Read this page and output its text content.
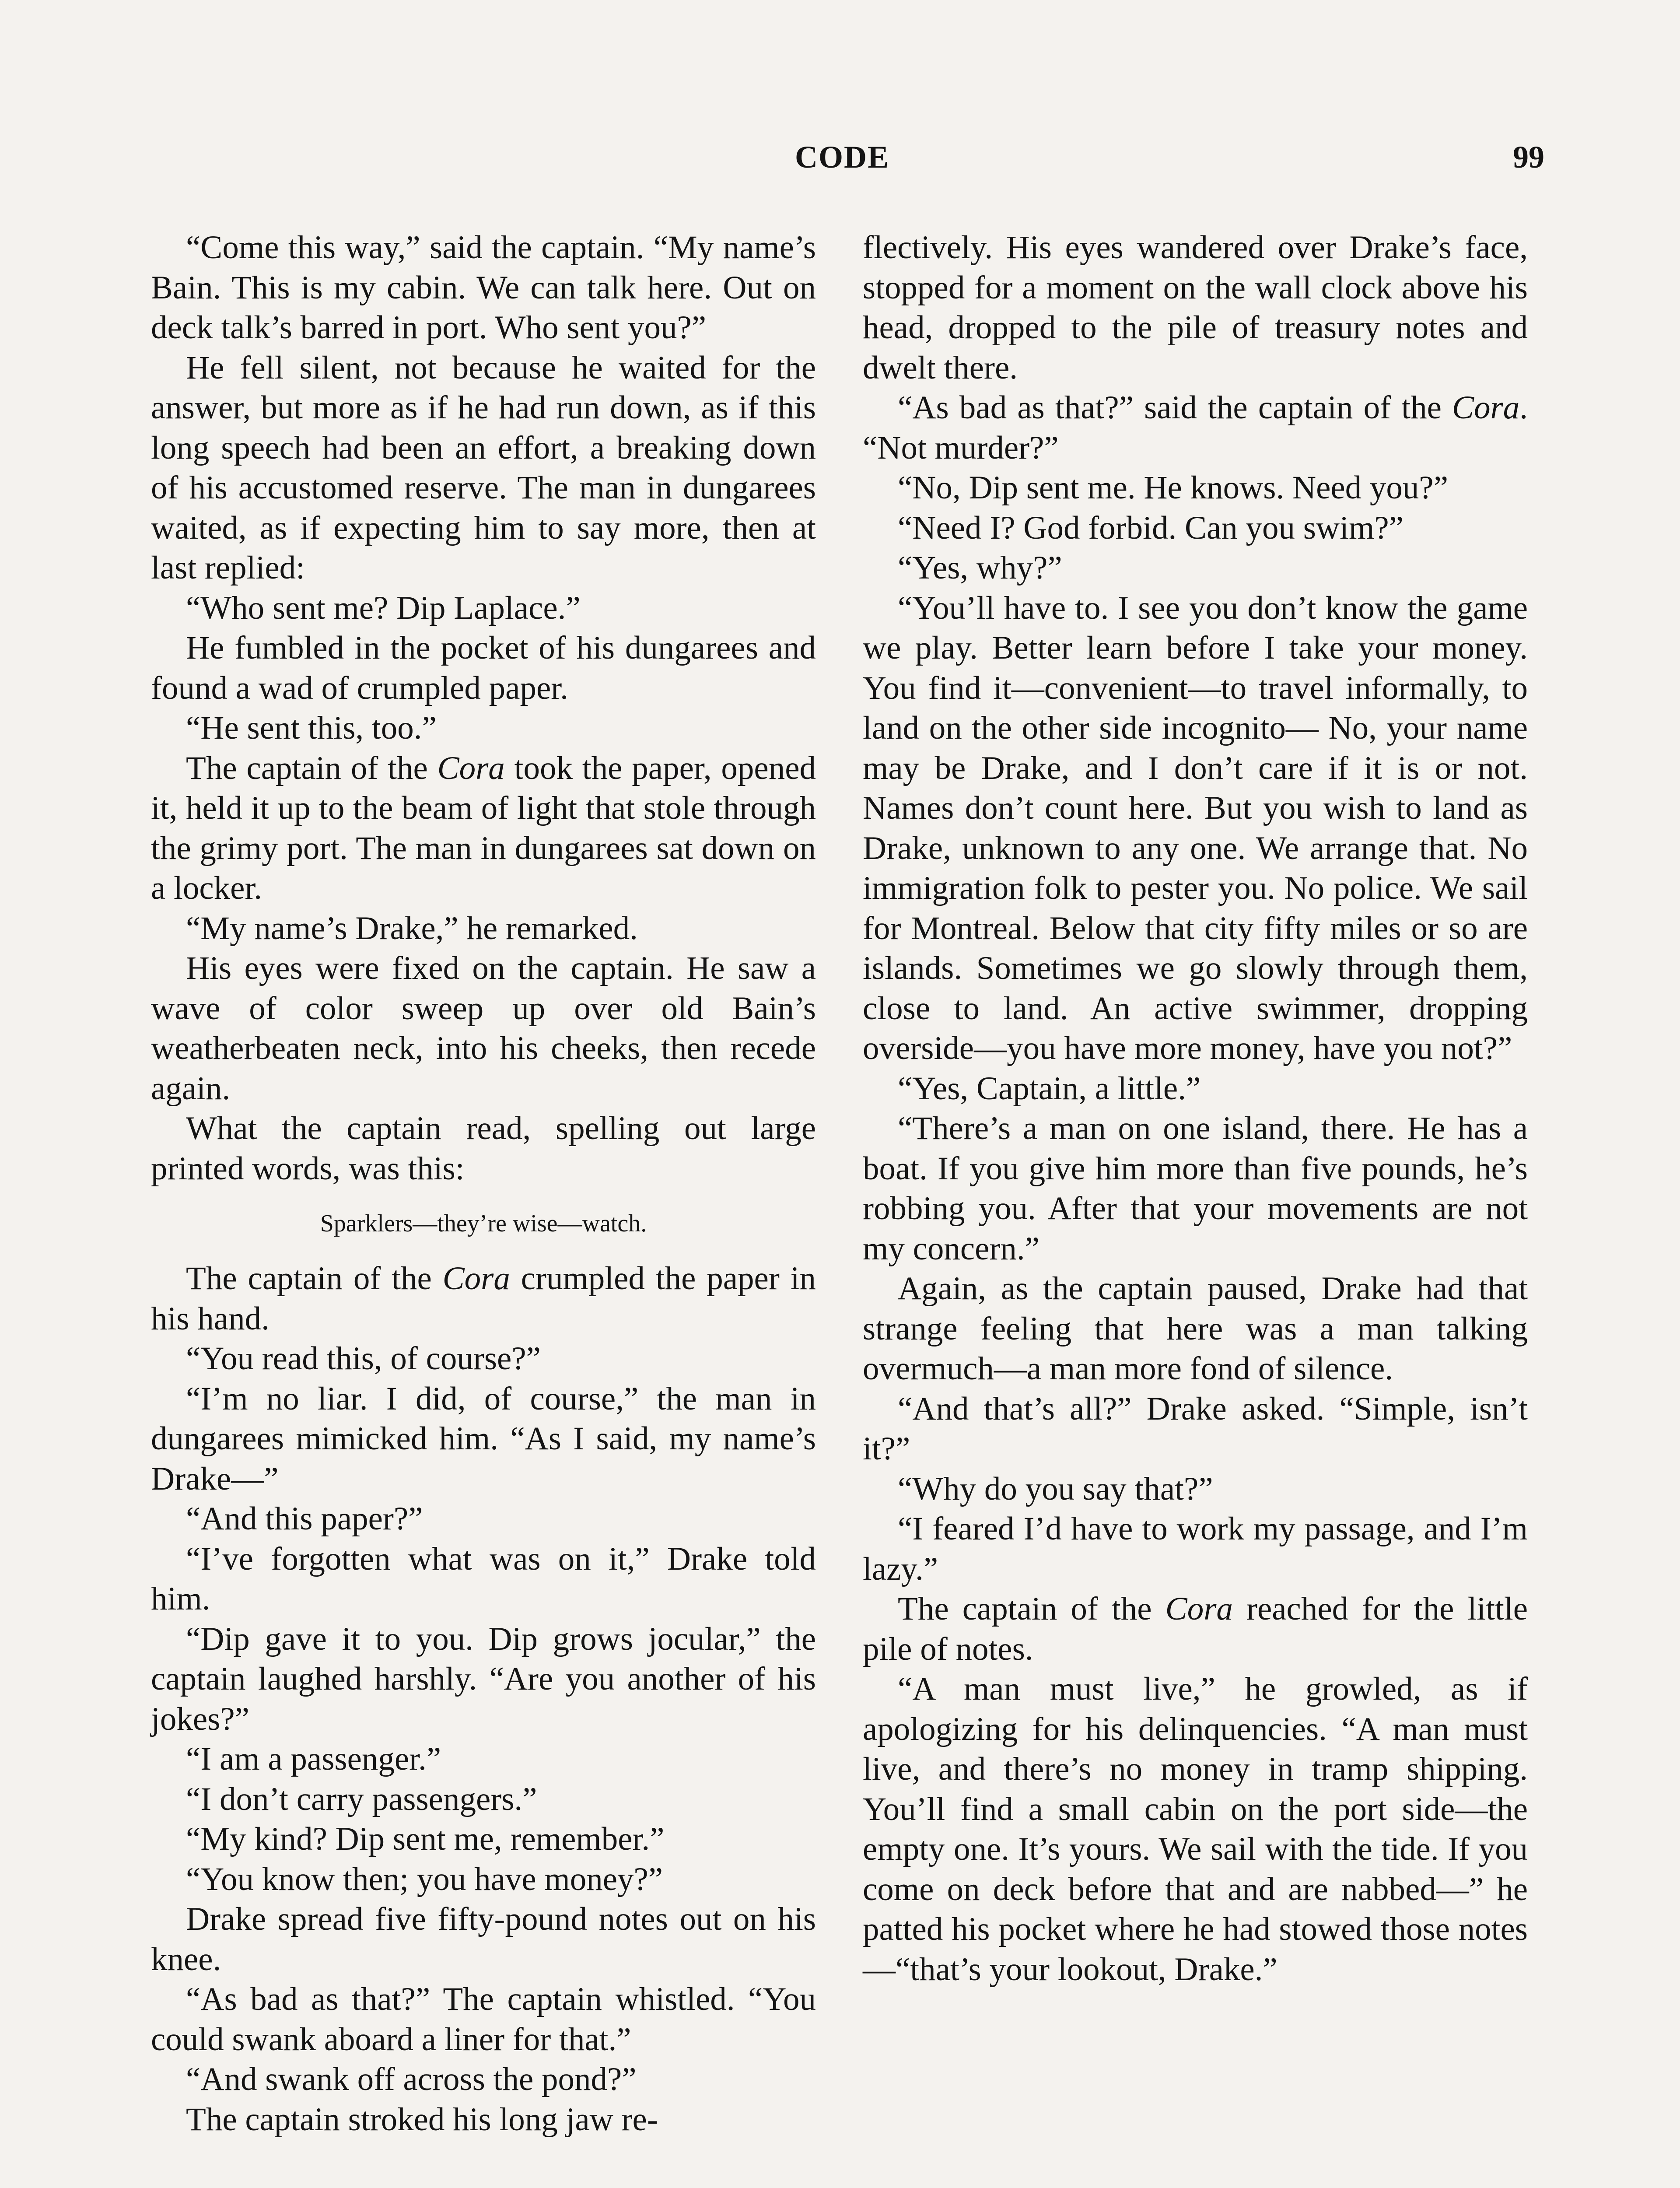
CODE	99

“Come this way,” said the captain. “My name’s Bain. This is my cabin. We can talk here. Out on deck talk’s barred in port. Who sent you?”

He fell silent, not because he waited for the answer, but more as if he had run down, as if this long speech had been an effort, a breaking down of his accustomed reserve. The man in dungarees waited, as if expecting him to say more, then at last replied:

“Who sent me? Dip Laplace.”

He fumbled in the pocket of his dungarees and found a wad of crumpled paper.

“He sent this, too.”

The captain of the Cora took the paper, opened it, held it up to the beam of light that stole through the grimy port. The man in dungarees sat down on a locker.

“My name’s Drake,” he remarked.

His eyes were fixed on the captain. He saw a wave of color sweep up over old Bain’s weatherbeaten neck, into his cheeks, then recede again.

What the captain read, spelling out large printed words, was this:

Sparklers—they’re wise—watch.

The captain of the Cora crumpled the paper in his hand.

“You read this, of course?”

“I’m no liar. I did, of course,” the man in dungarees mimicked him. “As I said, my name’s Drake—”

“And this paper?”

“I’ve forgotten what was on it,” Drake told him.

“Dip gave it to you. Dip grows jocular,” the captain laughed harshly. “Are you another of his jokes?”

“I am a passenger.”

“I don’t carry passengers.”

“My kind? Dip sent me, remember.”

“You know then; you have money?”

Drake spread five fifty-pound notes out on his knee.

“As bad as that?” The captain whistled. “You could swank aboard a liner for that.”

“And swank off across the pond?”

The captain stroked his long jaw re-

flectively. His eyes wandered over Drake’s face, stopped for a moment on the wall clock above his head, dropped to the pile of treasury notes and dwelt there.

“As bad as that?” said the captain of the Cora. “Not murder?”

“No, Dip sent me. He knows. Need you?”

“Need I? God forbid. Can you swim?”

“Yes, why?”

“You’ll have to. I see you don’t know the game we play. Better learn before I take your money. You find it—convenient—to travel informally, to land on the other side incognito— No, your name may be Drake, and I don’t care if it is or not. Names don’t count here. But you wish to land as Drake, unknown to any one. We arrange that. No immigration folk to pester you. No police. We sail for Montreal. Below that city fifty miles or so are islands. Sometimes we go slowly through them, close to land. An active swimmer, dropping overside—you have more money, have you not?”

“Yes, Captain, a little.”

“There’s a man on one island, there. He has a boat. If you give him more than five pounds, he’s robbing you. After that your movements are not my concern.”

Again, as the captain paused, Drake had that strange feeling that here was a man talking overmuch—a man more fond of silence.

“And that’s all?” Drake asked. “Simple, isn’t it?”

“Why do you say that?”

“I feared I’d have to work my passage, and I’m lazy.”

The captain of the Cora reached for the little pile of notes.

“A man must live,” he growled, as if apologizing for his delinquencies. “A man must live, and there’s no money in tramp shipping. You’ll find a small cabin on the port side—the empty one. It’s yours. We sail with the tide. If you come on deck before that and are nabbed—” he patted his pocket where he had stowed those notes—“that’s your lookout, Drake.”
